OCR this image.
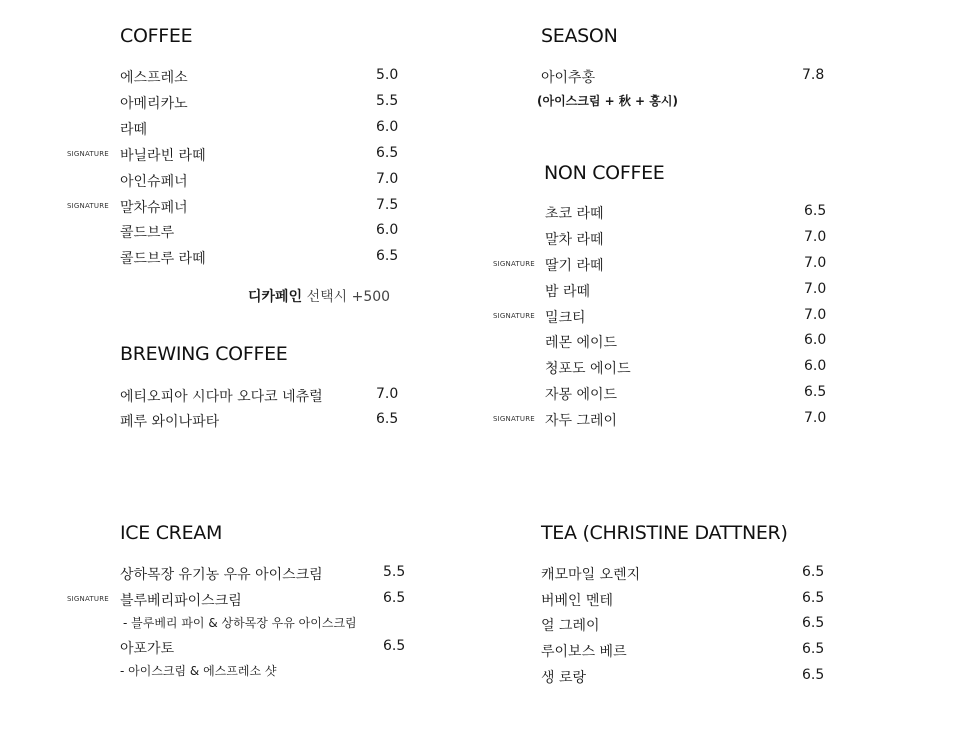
COFFEE
에스프레소	5.0
아메리카노	5.5
라떼	6.0
SIGNATURE 바닐라빈 라떼	6.5
아인슈페너	7.0
SIGNATURE 말차슈페너	7.5
콜드브루	6.0
콜드브루 라떼	6.5
디카페인 선택시 +500
BREWING COFFEE
에티오피아 시다마 오다코 네츄럴	7.0
페루 와이나파타	6.5
ICE CREAM
상하목장 유기농 우유 아이스크림	5.5
SIGNATURE 블루베리파이스크림	6.5
- 블루베리 파이 & 상하목장 우유 아이스크림
아포가토	6.5
- 아이스크림 & 에스프레소 샷
SEASON
아이추홍	7.8
(아이스크림 + 秋 + 홍시)
NON COFFEE
초코 라떼	6.5
말차 라떼	7.0
SIGNATURE 딸기 라떼	7.0
밤 라떼	7.0
SIGNATURE 밀크티	7.0
레몬 에이드	6.0
청포도 에이드	6.0
자몽 에이드	6.5
SIGNATURE 자두 그레이	7.0
TEA (CHRISTINE DATTNER)
캐모마일 오렌지	6.5
버베인 멘테	6.5
얼 그레이	6.5
루이보스 베르	6.5
생 로랑	6.5
